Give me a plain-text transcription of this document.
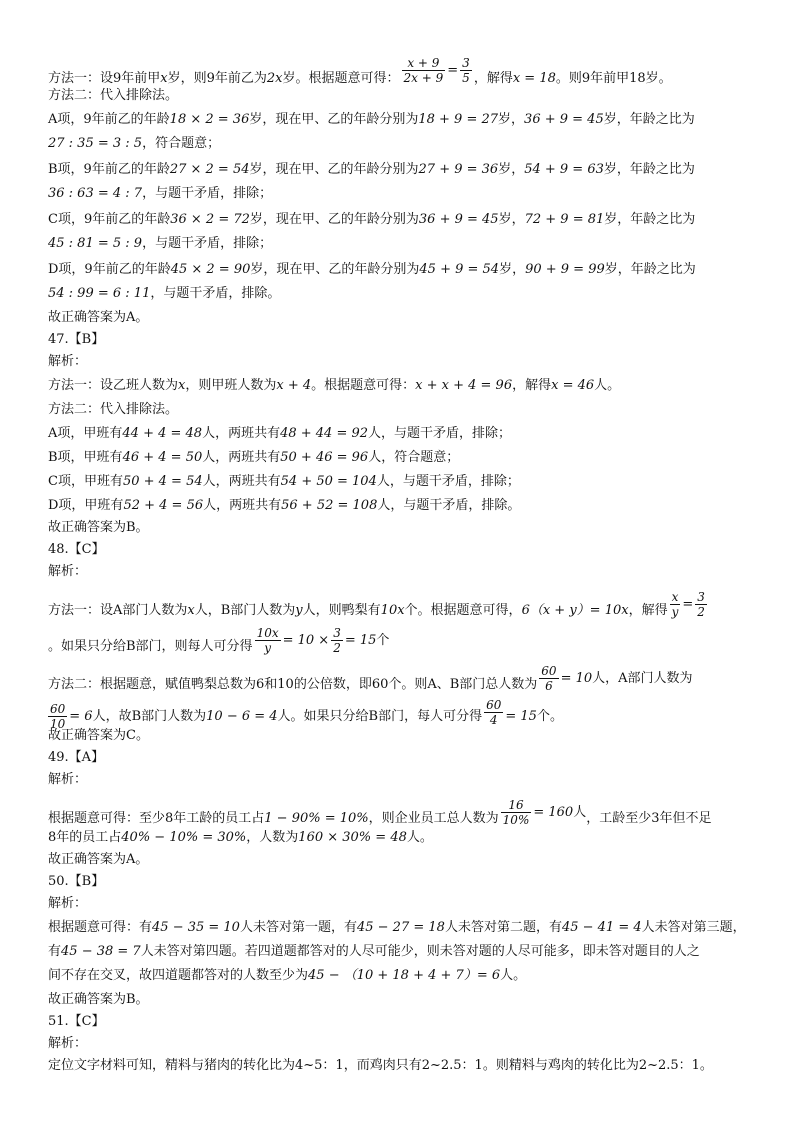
方法一：设9年前甲x岁，则9年前乙为2x岁。根据题意可得： $\frac{x + 9}{2x + 9} = \frac{3}{5}$ ，解得x = 18。则9年前甲18岁。
方法二：代入排除法。
A项，9年前乙的年龄18 × 2 = 36岁，现在甲、乙的年龄分别为18 + 9 = 27岁，36 + 9 = 45岁，年龄之比为
27 : 35 = 3 : 5，符合题意；
B项，9年前乙的年龄27 × 2 = 54岁，现在甲、乙的年龄分别为27 + 9 = 36岁，54 + 9 = 63岁，年龄之比为
36 : 63 = 4 : 7，与题干矛盾，排除；
C项，9年前乙的年龄36 × 2 = 72岁，现在甲、乙的年龄分别为36 + 9 = 45岁，72 + 9 = 81岁，年龄之比为
45 : 81 = 5 : 9，与题干矛盾，排除；
D项，9年前乙的年龄45 × 2 = 90岁，现在甲、乙的年龄分别为45 + 9 = 54岁，90 + 9 = 99岁，年龄之比为
54 : 99 = 6 : 11，与题干矛盾，排除。
故正确答案为A。
47.【B】
解析：
方法一：设乙班人数为x，则甲班人数为x + 4。根据题意可得：x + x + 4 = 96，解得x = 46人。
方法二：代入排除法。
A项，甲班有44 + 4 = 48人，两班共有48 + 44 = 92人，与题干矛盾，排除；
B项，甲班有46 + 4 = 50人，两班共有50 + 46 = 96人，符合题意；
C项，甲班有50 + 4 = 54人，两班共有54 + 50 = 104人，与题干矛盾，排除；
D项，甲班有52 + 4 = 56人，两班共有56 + 52 = 108人，与题干矛盾，排除。
故正确答案为B。
48.【C】
解析：
方法一：设A部门人数为x人，B部门人数为y人，则鸭梨有10x个。根据题意可得，6（x + y）= 10x，解得 $\frac{x}{y} = \frac{3}{2}$
。如果只分给B部门，则每人可分得 $\frac{10x}{y} = 10 \times \frac{3}{2} = 15$个
方法二：根据题意，赋值鸭梨总数为6和10的公倍数，即60个。则A、B部门总人数为 $\frac{60}{6} = 10$人，A部门人数为
$\frac{60}{10} = 6$人，故B部门人数为10 − 6 = 4人。如果只分给B部门，每人可分得 $\frac{60}{4} = 15$个。
故正确答案为C。
49.【A】
解析：
根据题意可得：至少8年工龄的员工占1 − 90% = 10%，则企业员工总人数为 $\frac{16}{10\%} = 160$人，工龄至少3年但不足
8年的员工占40% − 10% = 30%，人数为160 × 30% = 48人。
故正确答案为A。
50.【B】
解析：
根据题意可得：有45 − 35 = 10人未答对第一题，有45 − 27 = 18人未答对第二题，有45 − 41 = 4人未答对第三题，
有45 − 38 = 7人未答对第四题。若四道题都答对的人尽可能少，则未答对题的人尽可能多，即未答对题目的人之
间不存在交叉，故四道题都答对的人数至少为45 − （10 + 18 + 4 + 7）= 6人。
故正确答案为B。
51.【C】
解析：
定位文字材料可知，精料与猪肉的转化比为4~5：1，而鸡肉只有2~2.5：1。则精料与鸡肉的转化比为2~2.5：1。
